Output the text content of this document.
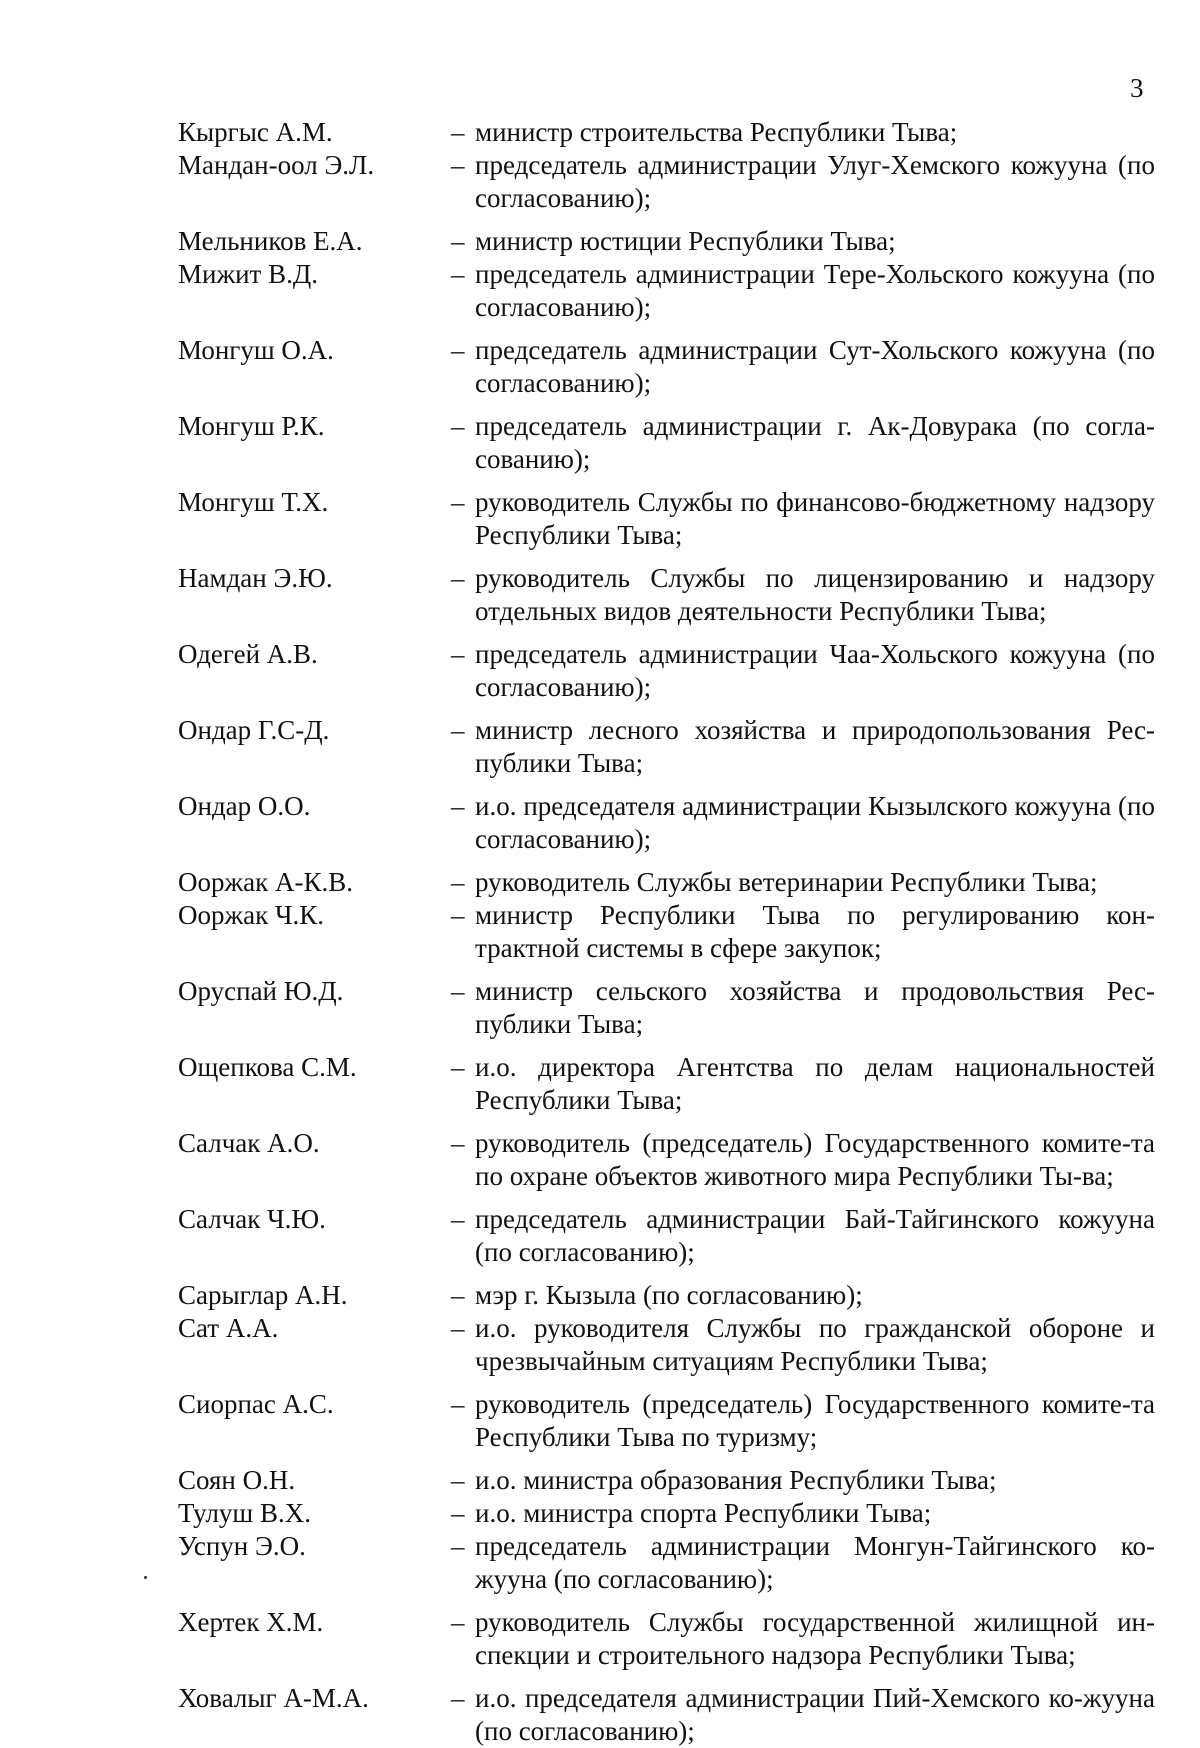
3
Кыргыс А.М.	– министр строительства Республики Тыва;
Мандан-оол Э.Л.	– председатель администрации Улуг-Хемского кожууна (по согласованию);
Мельников Е.А.	– министр юстиции Республики Тыва;
Мижит В.Д.	– председатель администрации Тере-Хольского кожууна (по согласованию);
Монгуш О.А.	– председатель администрации Сут-Хольского кожууна (по согласованию);
Монгуш Р.К.	– председатель администрации г. Ак-Довурака (по согла-сованию);
Монгуш Т.Х.	– руководитель Службы по финансово-бюджетному надзору Республики Тыва;
Намдан Э.Ю.	– руководитель Службы по лицензированию и надзору отдельных видов деятельности Республики Тыва;
Одегей А.В.	– председатель администрации Чаа-Хольского кожууна (по согласованию);
Ондар Г.С-Д.	– министр лесного хозяйства и природопользования Рес-публики Тыва;
Ондар О.О.	– и.о. председателя администрации Кызылского кожууна (по согласованию);
Ооржак А-К.В.	– руководитель Службы ветеринарии Республики Тыва;
Ооржак Ч.К.	– министр Республики Тыва по регулированию кон-трактной системы в сфере закупок;
Оруспай Ю.Д.	– министр сельского хозяйства и продовольствия Рес-публики Тыва;
Ощепкова С.М.	– и.о. директора Агентства по делам национальностей Республики Тыва;
Салчак А.О.	– руководитель (председатель) Государственного комите-та по охране объектов животного мира Республики Ты-ва;
Салчак Ч.Ю.	– председатель администрации Бай-Тайгинского кожууна (по согласованию);
Сарыглар А.Н.	– мэр г. Кызыла (по согласованию);
Сат А.А.	– и.о. руководителя Службы по гражданской обороне и чрезвычайным ситуациям Республики Тыва;
Сиорпас А.С.	– руководитель (председатель) Государственного комите-та Республики Тыва по туризму;
Соян О.Н.	– и.о. министра образования Республики Тыва;
Тулуш В.Х.	– и.о. министра спорта Республики Тыва;
Успун Э.О.	– председатель администрации Монгун-Тайгинского ко-жууна (по согласованию);
Хертек Х.М.	– руководитель Службы государственной жилищной ин-спекции и строительного надзора Республики Тыва;
Ховалыг А-М.А.	– и.о. председателя администрации Пий-Хемского ко-жууна (по согласованию);
